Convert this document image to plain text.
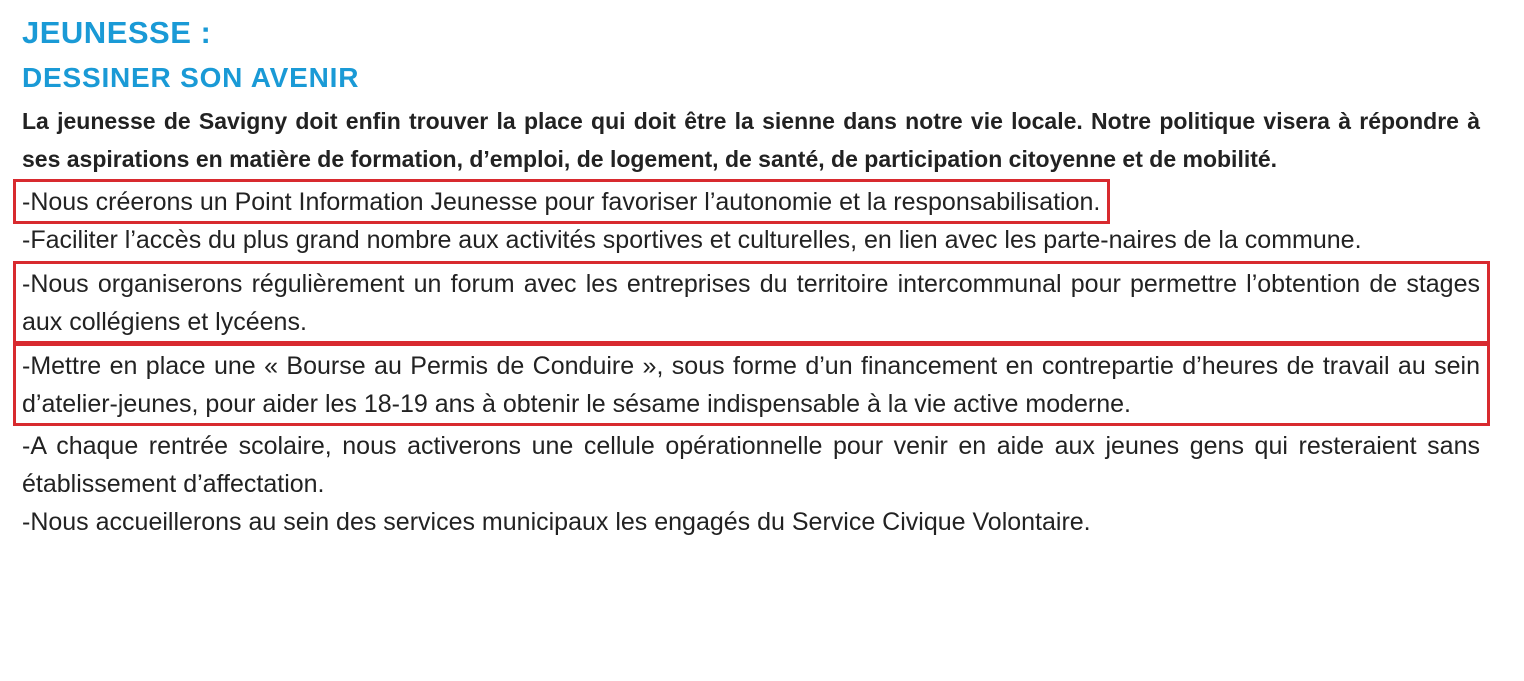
JEUNESSE :
DESSINER SON AVENIR

La jeunesse de Savigny doit enfin trouver la place qui doit être la sienne dans notre vie locale. Notre politique visera à répondre à ses aspirations en matière de formation, d’emploi, de logement, de santé, de participation citoyenne et de mobilité.

-Nous créerons un Point Information Jeunesse pour favoriser l’autonomie et la responsabilisation.

-Faciliter l’accès du plus grand nombre aux activités sportives et culturelles, en lien avec les parte-naires de la commune.

-Nous organiserons régulièrement un forum avec les entreprises du territoire intercommunal pour permettre l’obtention de stages aux collégiens et lycéens.

-Mettre en place une « Bourse au Permis de Conduire », sous forme d’un financement en contrepartie d’heures de travail au sein d’atelier-jeunes, pour aider les 18-19 ans à obtenir le sésame indispensable à la vie active moderne.

-A chaque rentrée scolaire, nous activerons une cellule opérationnelle pour venir en aide aux jeunes gens qui resteraient sans établissement d’affectation.

-Nous accueillerons au sein des services municipaux les engagés du Service Civique Volontaire.
